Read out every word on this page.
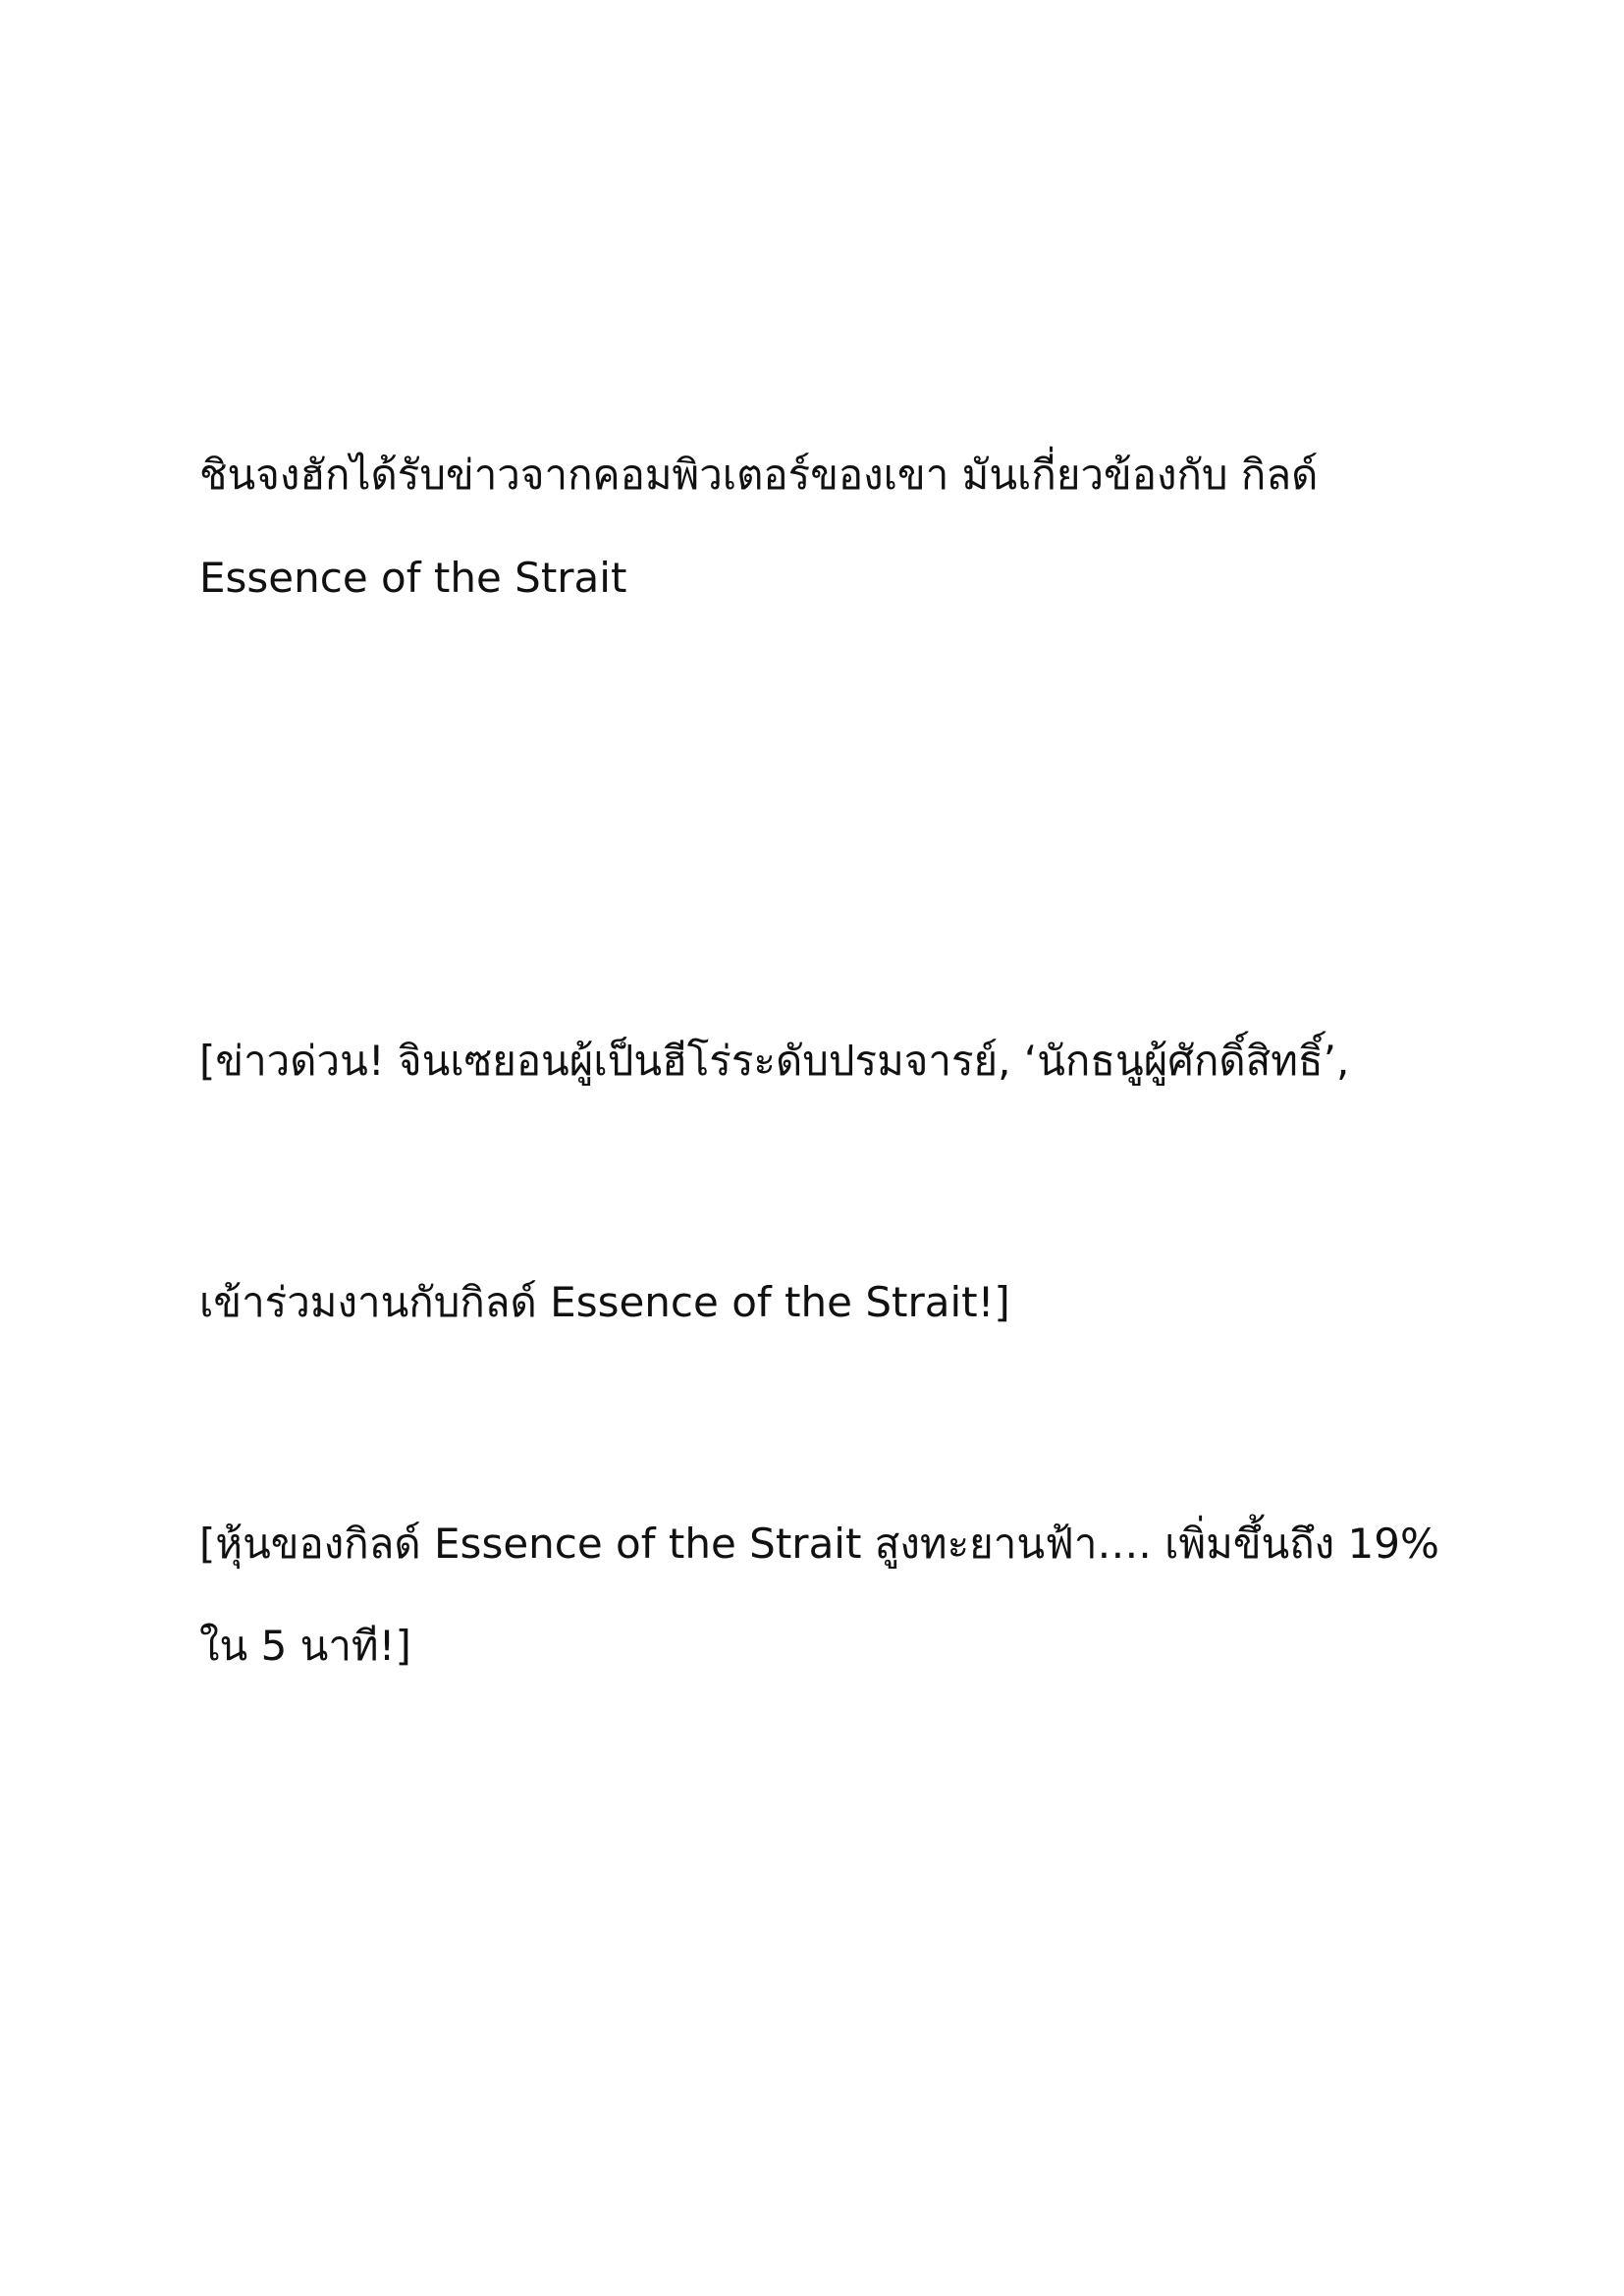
ชินจงฮักได้รับข่าวจากคอมพิวเตอร์ของเขา มันเกี่ยวข้องกับ กิลด์
Essence of the Strait
[ข่าวด่วน! จินเซยอนผู้เป็นฮีโร่ระดับปรมจารย์, ‘นักธนูผู้ศักดิ์สิทธิ์’,
เข้าร่วมงานกับกิลด์ Essence of the Strait!]
[หุ้นของกิลด์ Essence of the Strait สูงทะยานฟ้า…. เพิ่มขึ้นถึง 19%
ใน 5 นาที!]
